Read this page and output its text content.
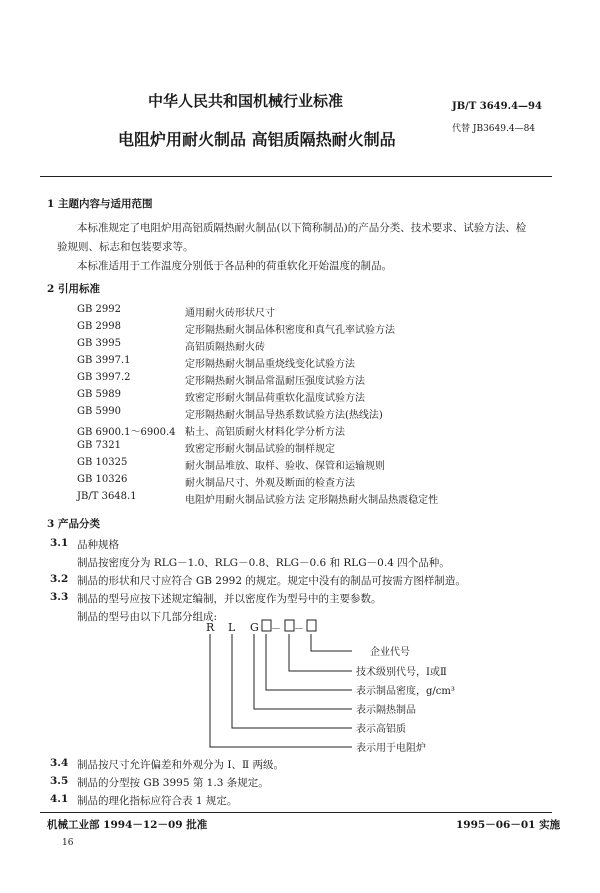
中华人民共和国机械行业标准
电阻炉用耐火制品 高铝质隔热耐火制品
JB/T 3649.4—94
代替 JB3649.4—84
1 主题内容与适用范围
本标准规定了电阻炉用高铝质隔热耐火制品(以下简称制品)的产品分类、技术要求、试验方法、检
验规则、标志和包装要求等。
本标准适用于工作温度分别低于各品种的荷重软化开始温度的制品。
2 引用标准
GB 2992	通用耐火砖形状尺寸
GB 2998	定形隔热耐火制品体积密度和真气孔率试验方法
GB 3995	高铝质隔热耐火砖
GB 3997.1	定形隔热耐火制品重烧线变化试验方法
GB 3997.2	定形隔热耐火制品常温耐压强度试验方法
GB 5989	致密定形耐火制品荷重软化温度试验方法
GB 5990	定形隔热耐火制品导热系数试验方法(热线法)
GB 6900.1～6900.4 粘土、高铝质耐火材料化学分析方法
GB 7321	致密定形耐火制品试验的制样规定
GB 10325	耐火制品堆放、取样、验收、保管和运输规则
GB 10326	耐火制品尺寸、外观及断面的检查方法
JB/T 3648.1	电阻炉用耐火制品试验方法 定形隔热耐火制品热震稳定性
3 产品分类
3.1 品种规格
制品按密度分为 RLG－1.0、RLG－0.8、RLG－0.6 和 RLG－0.4 四个品种。
3.2 制品的形状和尺寸应符合 GB 2992 的规定。规定中没有的制品可按需方图样制造。
3.3 制品的型号应按下述规定编制，并以密度作为型号中的主要参数。
制品的型号由以下几部分组成:
R L G － －
企业代号
技术级别代号，Ⅰ或Ⅱ
表示制品密度，g/cm³
表示隔热制品
表示高铝质
表示用于电阻炉
3.4 制品按尺寸允许偏差和外观分为 Ⅰ、Ⅱ 两级。
3.5 制品的分型按 GB 3995 第 1.3 条规定。
4.1 制品的理化指标应符合表 1 规定。
机械工业部 1994－12－09 批准	1995－06－01 实施
16
